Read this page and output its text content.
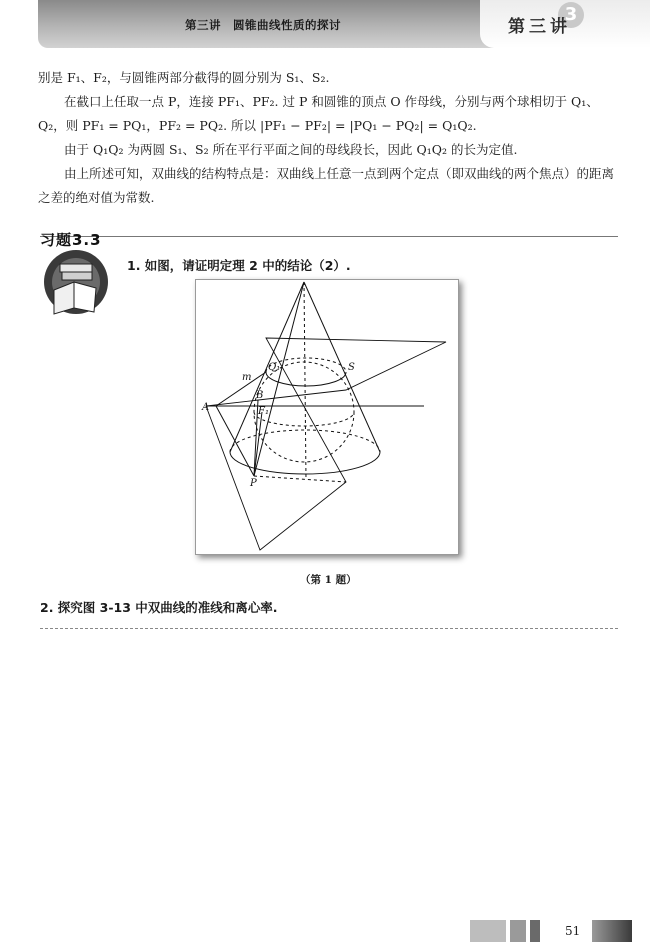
第三讲　圆锥曲线性质的探讨	3
第三讲

别是 F₁、F₂，与圆锥两部分截得的圆分别为 S₁、S₂.

在截口上任取一点 P，连接 PF₁、PF₂. 过 P 和圆锥的顶点 O 作母线，分别与两个球相切于 Q₁、Q₂，则 PF₁ = PQ₁，PF₂ = PQ₂. 所以 |PF₁ − PF₂| = |PQ₁ − PQ₂| = Q₁Q₂.

由于 Q₁Q₂ 为两圆 S₁、S₂ 所在平行平面之间的母线段长，因此 Q₁Q₂ 的长为定值.

由上所述可知，双曲线的结构特点是：双曲线上任意一点到两个定点（即双曲线的两个焦点）的距离之差的绝对值为常数.

习题3.3
1. 如图，请证明定理 2 中的结论（2）.
Q₁	S
m
B
F₁
A
P
（第 1 题）
2. 探究图 3-13 中双曲线的准线和离心率.
51
